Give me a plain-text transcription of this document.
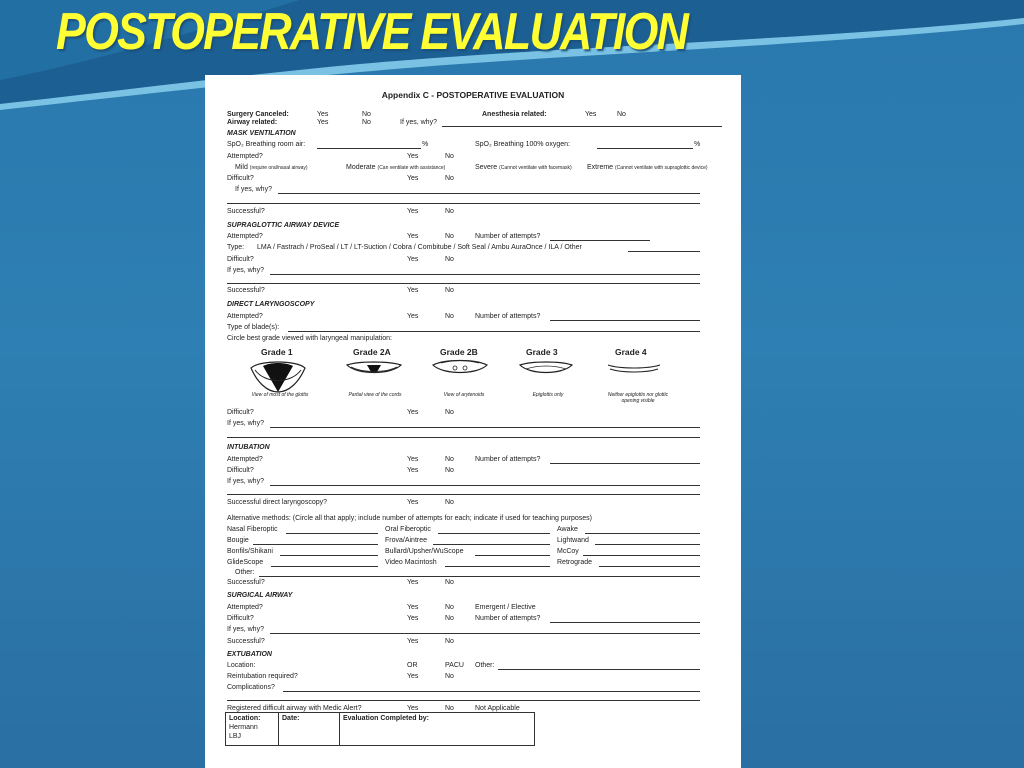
POSTOPERATIVE EVALUATION
Appendix C - POSTOPERATIVE EVALUATION
Surgery Canceled:	Yes	No	Anesthesia related:	Yes	No
Airway related:	Yes	No	If yes, why?
MASK VENTILATION
SpO₂ Breathing room air:	%	SpO₂ Breathing 100% oxygen:	%
Attempted?	Yes	No
Mild (require oral/nasal airway)	Moderate (Can ventilate with assistance)	Severe (Cannot ventilate with facemask) Extreme (Cannot ventilate with supraglottic device)
Difficult?	Yes	No
If yes, why?
Successful?	Yes	No
SUPRAGLOTTIC AIRWAY DEVICE
Attempted?	Yes	No	Number of attempts?
Type: LMA / Fastrach / ProSeal / LT / LT-Suction / Cobra / Combitube / Soft Seal / Ambu AuraOnce / ILA / Other
Difficult?	Yes	No
If yes, why?
Successful?	Yes	No
DIRECT LARYNGOSCOPY
Attempted?	Yes	No	Number of attempts?
Type of blade(s):
Circle best grade viewed with laryngeal manipulation:
Grade 1
View of most of the glottis
Grade 2A
Partial view of the cords
Grade 2B
View of arytenoids
Grade 3
Epiglottis only
Grade 4
Neither epiglottis nor glottic opening visible
Difficult?	Yes	No
If yes, why?
INTUBATION
Attempted?	Yes	No	Number of attempts?
Difficult?	Yes	No
If yes, why?
Successful direct laryngoscopy?	Yes	No
Alternative methods: (Circle all that apply; include number of attempts for each; indicate if used for teaching purposes)
Nasal Fiberoptic	Oral Fiberoptic	Awake
Bougie	Frova/Aintree	Lightwand
Bonfils/Shikani	Bullard/Upsher/WuScope	McCoy
GlideScope	Video Macintosh	Retrograde
Other:
Successful?	Yes	No
SURGICAL AIRWAY
Attempted?	Yes	No	Emergent / Elective
Difficult?	Yes	No	Number of attempts?
If yes, why?
Successful?	Yes	No
EXTUBATION
Location:	OR	PACU Other:
Reintubation required?	Yes	No
Complications?
Registered difficult airway with Medic Alert?	Yes	No	Not Applicable
Location:
Hermann
LBJ

Date:	Evaluation Completed by:
